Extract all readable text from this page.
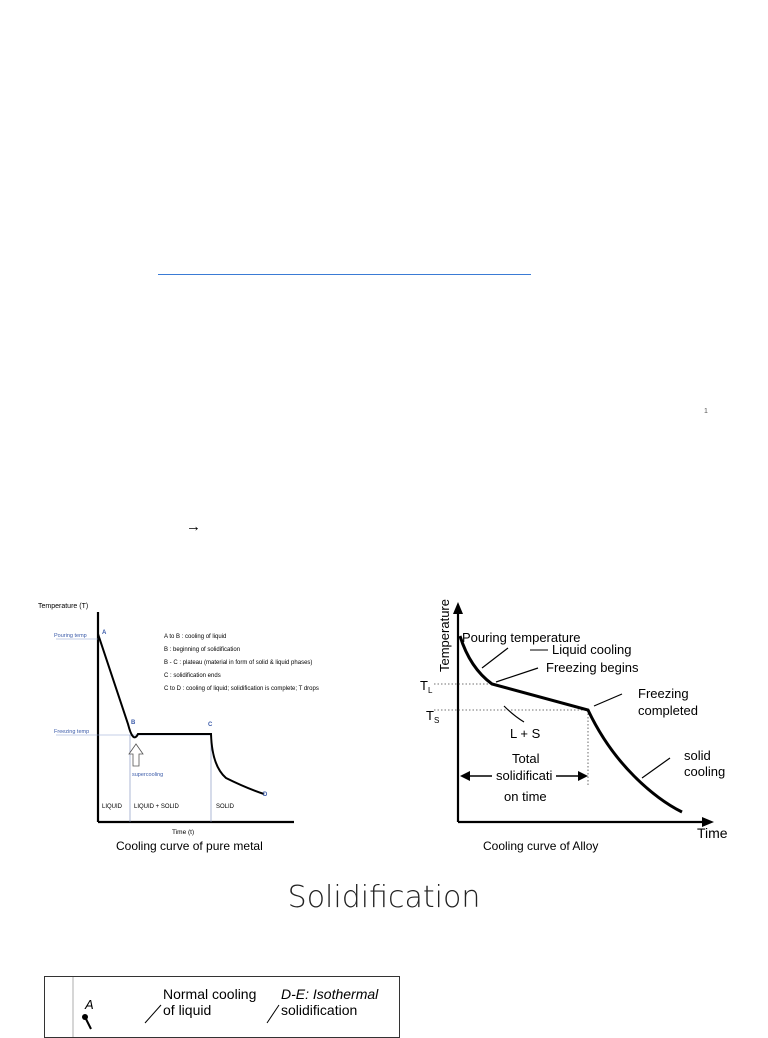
1
→
Temperature (T)
Pouring temp
Freezing temp
A
B	C
D
A to B : cooling of liquid
B : beginning of solidification
B - C : plateau (material in form of solid & liquid phases)
C : solidification ends
C to D : cooling of liquid; solidification is complete; T drops
supercooling
LIQUID LIQUID + SOLID	SOLID
Time (t)
Cooling curve of pure metal
Temperature
Time
$T_L$
$T_S$
Pouring temperature
Liquid cooling
Freezing begins
Freezing
completed
L + S
Total
solidificati
on time
solid
cooling
Cooling curve of Alloy
Solidification
A
Normal cooling
of liquid
D-E: Isothermal
solidification
